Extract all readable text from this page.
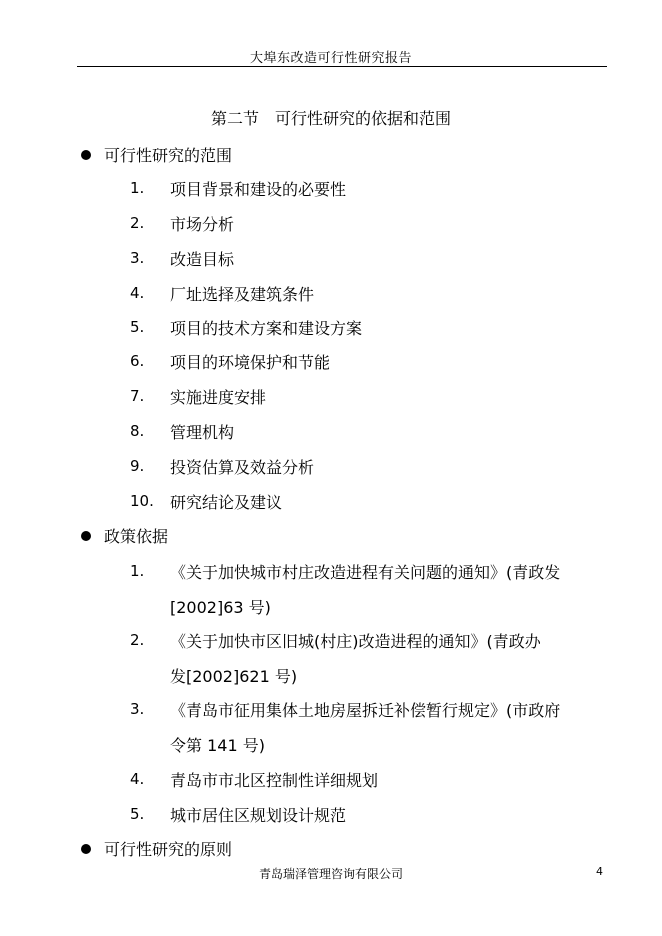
大埠东改造可行性研究报告
第二节　可行性研究的依据和范围
可行性研究的范围
1. 项目背景和建设的必要性
2. 市场分析
3. 改造目标
4. 厂址选择及建筑条件
5. 项目的技术方案和建设方案
6. 项目的环境保护和节能
7. 实施进度安排
8. 管理机构
9. 投资估算及效益分析
10. 研究结论及建议
政策依据
1. 《关于加快城市村庄改造进程有关问题的通知》(青政发
[2002]63 号)
2. 《关于加快市区旧城(村庄)改造进程的通知》(青政办
发[2002]621 号)
3. 《青岛市征用集体土地房屋拆迁补偿暂行规定》(市政府
令第 141 号)
4. 青岛市市北区控制性详细规划
5. 城市居住区规划设计规范
可行性研究的原则
青岛瑞泽管理咨询有限公司	4
